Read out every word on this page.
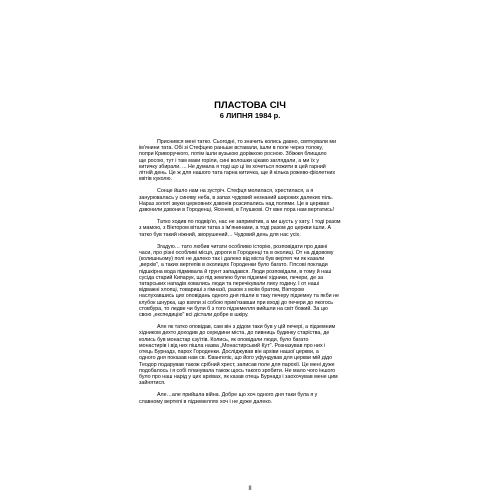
ПЛАСТОВА СІЧ

6 ЛИПНЯ 1984 р.

Приснився мені татко. Сьогодні, то значить колись давно, святкували ми
ім'янини тата. Обі зі Стефцею раньше вставали, ішли в поле через толоку,
попри Криворучкого, потім ішли вузькою доріжкою росною. Збіжжя блищало
ще росою, тут і там маки горіли, сині волошки цікаво заглядали, а ми їх у
китичку збирали. ... Не думала я тоді що ці їм хочеться пожити в цей гарний
літній день. Це ж для нашого тата гарна китичка, ще й кілька рожево-фіолетних
квітів куколю.

Сонце йшло нам на зустріч. Стефця молилася, хрестилася, а я
занурювалась у синяву неба, в запах чудовий незнаний широких далеких піль.
Нараз золоті звуки церковних дзвонів розсипались над полями. Це в церквах
дзвонили дзвони в Городенці, Ясеневі, в Глушкові. От вже пора нам вертатись!

Татко ходив по подвір'ю, нас не запримітив, а ми шусть у хату. І тоді разом
з мамою, з Віктором вітали татка з ім'янинами, а тоді разом до церкви ішли. А
татко був такий ніжний, зворушений… Чудовий день для нас усіх.

Згадую… тато любив читати особливо історію, розповідати про давні
часи, про різні особливі місця, дороги в Городенці та в околиці. От на дідовому
(колишньому) полі не далеко так і далеко від міста був вертеп чи як казали
„верхів", а таких вертепів в околицях Городенки було багато. Гіпсові поклади
підшкірна вода підмивала й грунт западався. Люди розповідали, в тому й наш
сусіда старий Кипарук, що під землею були підземні хідники, печери, де за
татарських нападів ховались люди та перечікували лиху годину. І от наші
відважні хлопці, товариші з гімназії, разом з моїм братом, Віктором
наслухавшись цих оповідань одного дня пішли в таку печеру підземну та якби не
клубок шнурка, що взяли зі собою прив'язавши при вході до печери до якогось
стовбура, то ледве чи були б з того підземелля вийшли на світ божий. За цю
свою „експедицію" всі дістали добре в шкіру.

Але як татко оповідав, сам він з дідом таки був у цій печері, а підземним
хідником дехто доходив до середини міста, до пивниць будинку старіства, де
колись був монастар єзуїтів. Колись, як оповідали люди, було багато
монастирів і від них пішла назва „Монастирський Кут". Розназував про них і
отець Бурнадз, парох Городенки. Досліджував він архіви нашої церкви, а
одного дня показав нам св. Євангеліє, що його уфундував для церкви мій дідо
Теодор подарував також срібний хрест, записав поле для парохії. Це мені дуже
подобалось і я собі планувала також щось такого зробити. Не мало чого іншого
було про наш нарід у цих архівах, як казав отець Бурнадз і заохочував мене цим
зайнятися.

Але…але прийшла війна. Добре що хоч одного дня таки була я у
славному вертепі в підземеллях хоч і не дуже далеко.

II
